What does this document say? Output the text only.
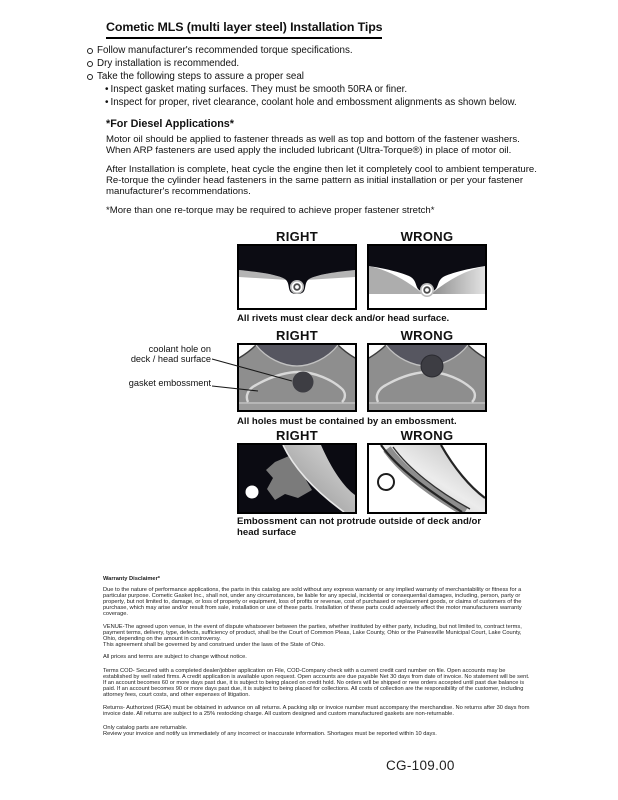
Cometic MLS (multi layer steel) Installation Tips
Follow manufacturer's recommended torque specifications.
Dry installation is recommended.
Take the following steps to assure a proper seal
• Inspect gasket mating surfaces. They must be smooth 50RA or finer.
• Inspect for proper, rivet clearance, coolant hole and embossment alignments as shown below.
*For Diesel Applications*

Motor oil should be applied to fastener threads as well as top and bottom of the fastener washers. When ARP fasteners are used apply the included lubricant (Ultra-Torque®) in place of motor oil.

After Installation is complete, heat cycle the engine then let it completely cool to ambient temperature. Re-torque the cylinder head fasteners in the same pattern as initial installation or per your fastener manufacturer's recommendations.

*More than one re-torque may be required to achieve proper fastener stretch*

RIGHT	WRONG
All rivets must clear deck and/or head surface.
RIGHT	WRONG
coolant hole on
deck / head surface
gasket embossment
All holes must be contained by an embossment.
RIGHT	WRONG
Embossment can not protrude outside of deck and/or head surface

Warranty Disclaimer*

Due to the nature of performance applications, the parts in this catalog are sold without any express warranty or any implied warranty of merchantability or fitness for a particular purpose. Cometic Gasket Inc., shall not, under any circumstances, be liable for any special, incidental or consequential damages, including, person, party or property, but not limited to, damage, or loss of property or equipment, loss of profits or revenue, cost of purchased or replacement goods, or claims of customers of the purchase, which may arise and/or result from sale, installation or use of these parts. Installation of these parts could adversely affect the motor manufacturers warranty coverage.

VENUE-The agreed upon venue, in the event of dispute whatsoever between the parties, whether instituted by either party, including, but not limited to, contract terms, payment terms, delivery, type, defects, sufficiency of product, shall be the Court of Common Pleas, Lake County, Ohio or the Painesville Municipal Court, Lake County, Ohio, depending on the amount in controversy.

This agreement shall be governed by and construed under the laws of the State of Ohio.

All prices and terms are subject to change without notice.

Terms COD- Secured with a completed dealer/jobber application on File, COD-Company check with a current credit card number on file. Open accounts may be established by well rated firms. A credit application is available upon request. Open accounts are due payable Net 30 days from date of invoice. No statement will be sent. If an account becomes 60 or more days past due, it is subject to being placed on credit hold. No orders will be shipped or new orders accepted until past due balance is paid. If an account becomes 90 or more days past due, it is subject to being placed for collections. All costs of collection are the responsibility of the customer, including attorney fees, court costs, and other expenses of litigation.

Returns- Authorized (RGA) must be obtained in advance on all returns. A packing slip or invoice number must accompany the merchandise. No returns after 30 days from invoice date. All returns are subject to a 25% restocking charge. All custom designed and custom manufactured gaskets are non-returnable.

Only catalog parts are returnable.

Review your invoice and notify us immediately of any incorrect or inaccurate information. Shortages must be reported within 10 days.

CG-109.00
